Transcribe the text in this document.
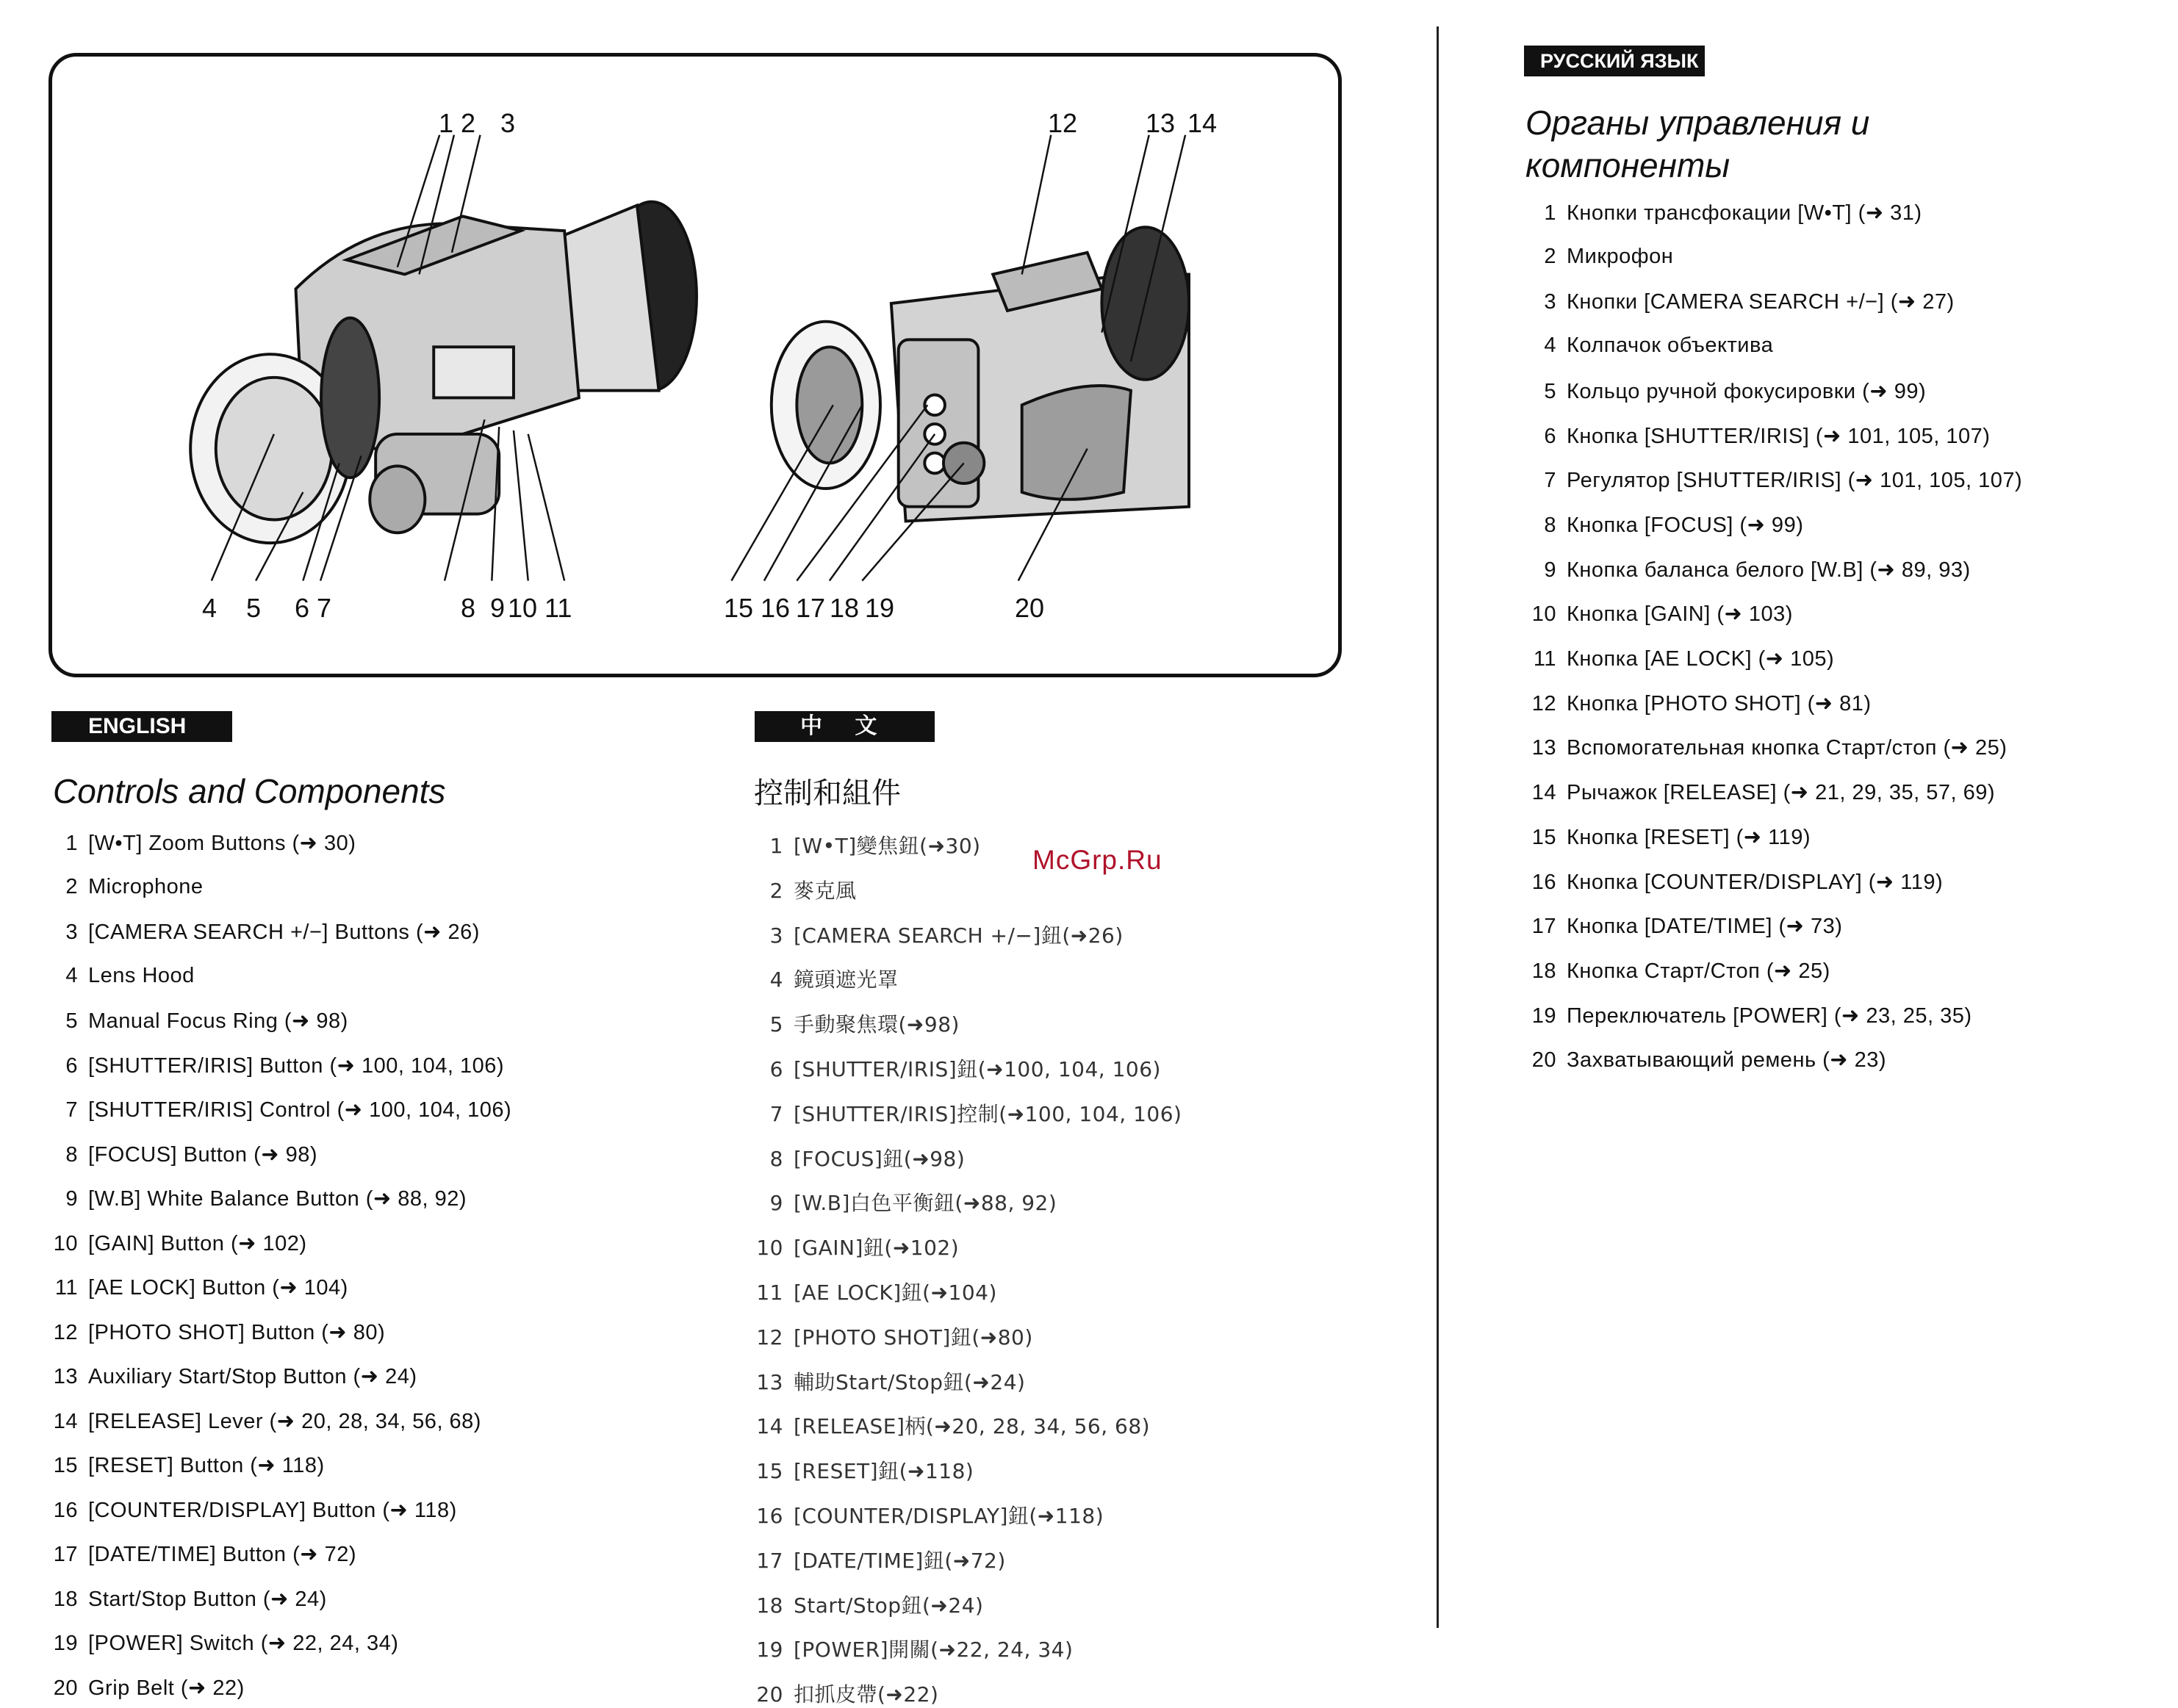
1 2 3
4 5 6 7	8 9 10 11
12	13 14
15 16 17 18 19	20
ENGLISH
Controls and Components
1 [W•T] Zoom Buttons (➜ 30)
2 Microphone
3 [CAMERA SEARCH +/−] Buttons (➜ 26)
4 Lens Hood
5 Manual Focus Ring (➜ 98)
6 [SHUTTER/IRIS] Button (➜ 100, 104, 106)
7 [SHUTTER/IRIS] Control (➜ 100, 104, 106)
8 [FOCUS] Button (➜ 98)
9 [W.B] White Balance Button (➜ 88, 92)
10 [GAIN] Button (➜ 102)
11 [AE LOCK] Button (➜ 104)
12 [PHOTO SHOT] Button (➜ 80)
13 Auxiliary Start/Stop Button (➜ 24)
14 [RELEASE] Lever (➜ 20, 28, 34, 56, 68)
15 [RESET] Button (➜ 118)
16 [COUNTER/DISPLAY] Button (➜ 118)
17 [DATE/TIME] Button (➜ 72)
18 Start/Stop Button (➜ 24)
19 [POWER] Switch (➜ 22, 24, 34)
20 Grip Belt (➜ 22)
中 文
控制和組件
1 [W•T]變焦鈕(➜30)
2 麥克風
3 [CAMERA SEARCH +/−]鈕(➜26)
4 鏡頭遮光罩
5 手動聚焦環(➜98)
6 [SHUTTER/IRIS]鈕(➜100, 104, 106)
7 [SHUTTER/IRIS]控制(➜100, 104, 106)
8 [FOCUS]鈕(➜98)
9 [W.B]白色平衡鈕(➜88, 92)
10 [GAIN]鈕(➜102)
11 [AE LOCK]鈕(➜104)
12 [PHOTO SHOT]鈕(➜80)
13 輔助Start/Stop鈕(➜24)
14 [RELEASE]柄(➜20, 28, 34, 56, 68)
15 [RESET]鈕(➜118)
16 [COUNTER/DISPLAY]鈕(➜118)
17 [DATE/TIME]鈕(➜72)
18 Start/Stop鈕(➜24)
19 [POWER]開關(➜22, 24, 34)
20 扣抓皮帶(➜22)
РУССКИЙ ЯЗЫК
Органы управления и компоненты
1 Кнопки трансфокации [W•T] (➜ 31)
2 Микрофон
3 Кнопки [CAMERA SEARCH +/−] (➜ 27)
4 Колпачок объектива
5 Кольцо ручной фокусировки (➜ 99)
6 Кнопка [SHUTTER/IRIS] (➜ 101, 105, 107)
7 Регулятор [SHUTTER/IRIS] (➜ 101, 105, 107)
8 Кнопка [FOCUS] (➜ 99)
9 Кнопка баланса белого [W.B] (➜ 89, 93)
10 Кнопка [GAIN] (➜ 103)
11 Кнопка [AE LOCK] (➜ 105)
12 Кнопка [PHOTO SHOT] (➜ 81)
13 Вспомогательная кнопка Старт/стоп (➜ 25)
14 Рычажок [RELEASE] (➜ 21, 29, 35, 57, 69)
15 Кнопка [RESET] (➜ 119)
16 Кнопка [COUNTER/DISPLAY] (➜ 119)
17 Кнопка [DATE/TIME] (➜ 73)
18 Кнопка Старт/Стоп (➜ 25)
19 Переключатель [POWER] (➜ 23, 25, 35)
20 Захватывающий ремень (➜ 23)
McGrp.Ru
